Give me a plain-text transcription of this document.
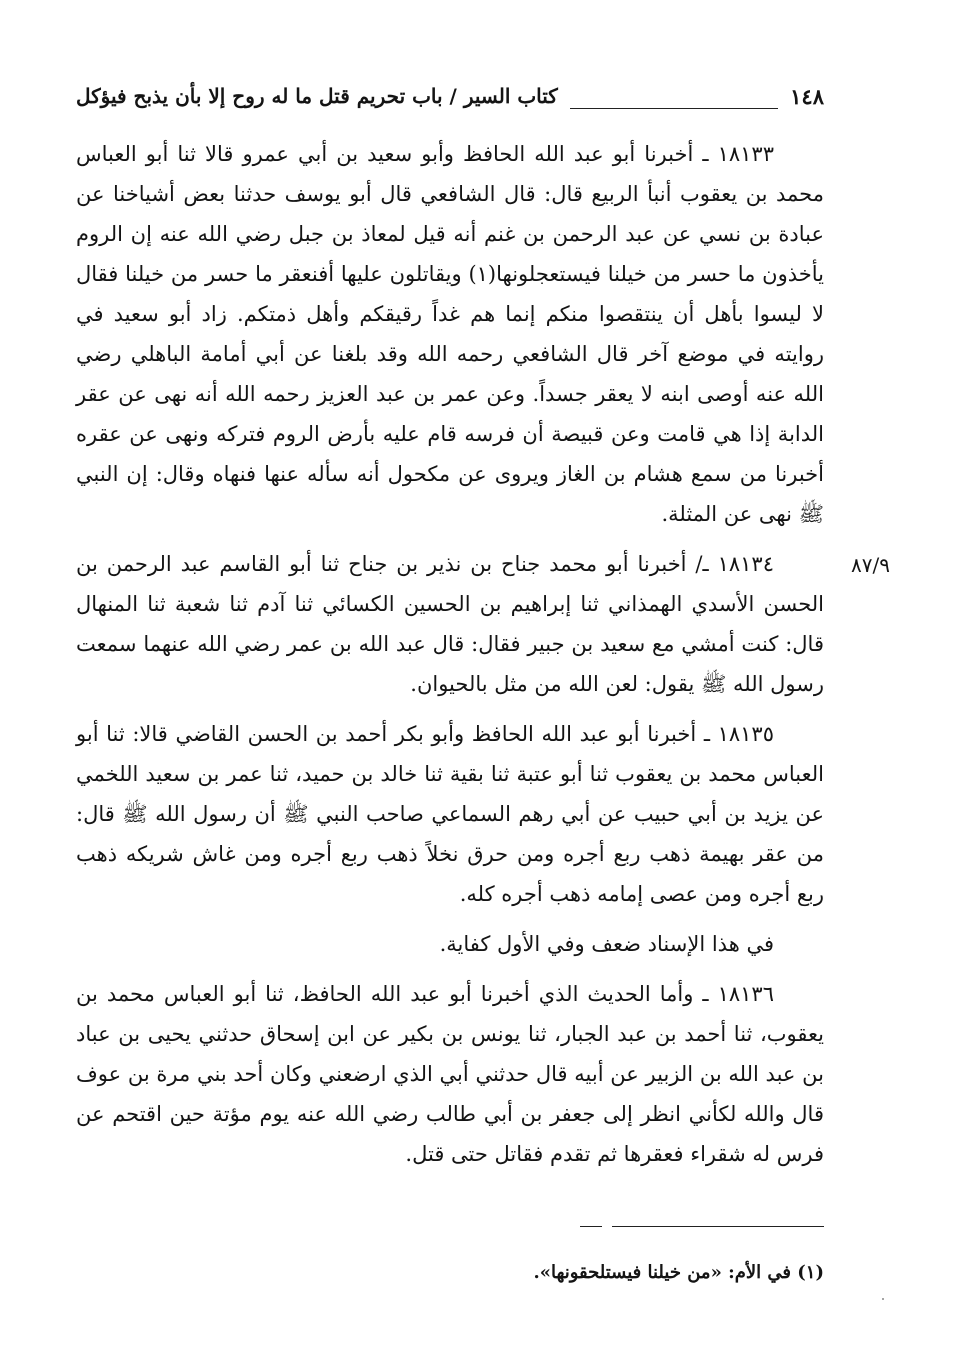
١٤٨
كتاب السير / باب تحريم قتل ما له روح إلا بأن يذبح فيؤكل
٨٧/٩

١٨١٣٣ ـ أخبرنا أبو عبد الله الحافظ وأبو سعيد بن أبي عمرو قالا ثنا أبو العباس محمد بن يعقوب أنبأ الربيع قال: قال الشافعي قال أبو يوسف حدثنا بعض أشياخنا عن عبادة بن نسي عن عبد الرحمن بن غنم أنه قيل لمعاذ بن جبل رضي الله عنه إن الروم يأخذون ما حسر من خيلنا فيستعجلونها(١) ويقاتلون عليها أفنعقر ما حسر من خيلنا فقال لا ليسوا بأهل أن ينتقصوا منكم إنما هم غداً رقيقكم وأهل ذمتكم. زاد أبو سعيد في روايته في موضع آخر قال الشافعي رحمه الله وقد بلغنا عن أبي أمامة الباهلي رضي الله عنه أوصى ابنه لا يعقر جسداً. وعن عمر بن عبد العزيز رحمه الله أنه نهى عن عقر الدابة إذا هي قامت وعن قبيصة أن فرسه قام عليه بأرض الروم فتركه ونهى عن عقره أخبرنا من سمع هشام بن الغاز ويروى عن مكحول أنه سأله عنها فنهاه وقال: إن النبي ﷺ نهى عن المثلة.

١٨١٣٤ ـ/ أخبرنا أبو محمد جناح بن نذير بن جناح ثنا أبو القاسم عبد الرحمن بن الحسن الأسدي الهمذاني ثنا إبراهيم بن الحسين الكسائي ثنا آدم ثنا شعبة ثنا المنهال قال: كنت أمشي مع سعيد بن جبير فقال: قال عبد الله بن عمر رضي الله عنهما سمعت رسول الله ﷺ يقول: لعن الله من مثل بالحيوان.

١٨١٣٥ ـ أخبرنا أبو عبد الله الحافظ وأبو بكر أحمد بن الحسن القاضي قالا: ثنا أبو العباس محمد بن يعقوب ثنا أبو عتبة ثنا بقية ثنا خالد بن حميد، ثنا عمر بن سعيد اللخمي عن يزيد بن أبي حبيب عن أبي رهم السماعي صاحب النبي ﷺ أن رسول الله ﷺ قال: من عقر بهيمة ذهب ربع أجره ومن حرق نخلاً ذهب ربع أجره ومن غاش شريكه ذهب ربع أجره ومن عصى إمامه ذهب أجره كله.

في هذا الإسناد ضعف وفي الأول كفاية.

١٨١٣٦ ـ وأما الحديث الذي أخبرنا أبو عبد الله الحافظ، ثنا أبو العباس محمد بن يعقوب، ثنا أحمد بن عبد الجبار، ثنا يونس بن بكير عن ابن إسحاق حدثني يحيى بن عباد بن عبد الله بن الزبير عن أبيه قال حدثني أبي الذي ارضعني وكان أحد بني مرة بن عوف قال والله لكأني انظر إلى جعفر بن أبي طالب رضي الله عنه يوم مؤتة حين اقتحم عن فرس له شقراء فعقرها ثم تقدم فقاتل حتى قتل.

(١) في الأم: «من خيلنا فيستلحقونها».
